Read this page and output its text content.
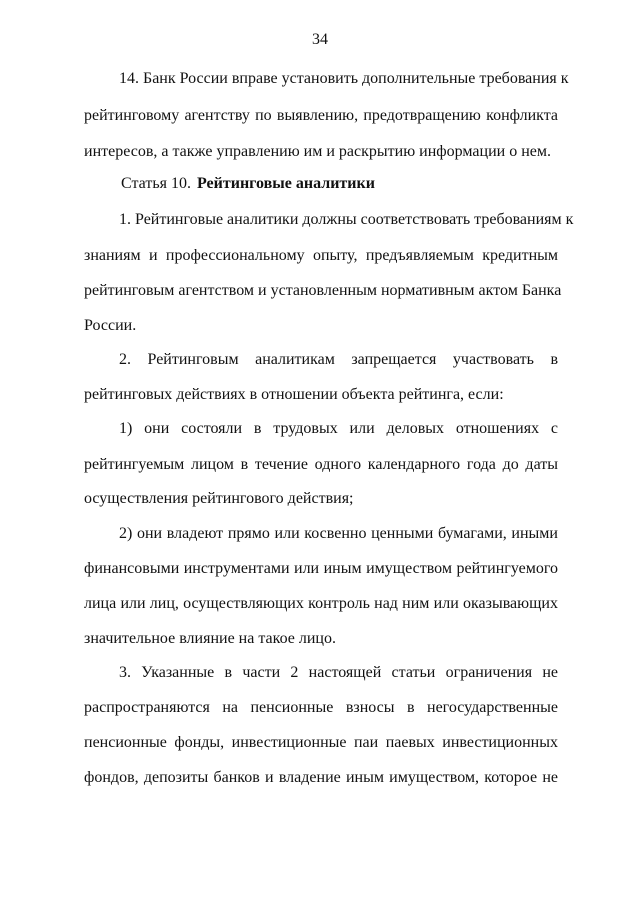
34
14. Банк России вправе установить дополнительные требования к
рейтинговому агентству по выявлению, предотвращению конфликта
интересов, а также управлению им и раскрытию информации о нем.
Статья 10. Рейтинговые аналитики
1. Рейтинговые аналитики должны соответствовать требованиям к
знаниям и профессиональному опыту, предъявляемым кредитным
рейтинговым агентством и установленным нормативным актом Банка
России.
2. Рейтинговым аналитикам запрещается участвовать в
рейтинговых действиях в отношении объекта рейтинга, если:
1) они состояли в трудовых или деловых отношениях с
рейтингуемым лицом в течение одного календарного года до даты
осуществления рейтингового действия;
2) они владеют прямо или косвенно ценными бумагами, иными
финансовыми инструментами или иным имуществом рейтингуемого
лица или лиц, осуществляющих контроль над ним или оказывающих
значительное влияние на такое лицо.
3. Указанные в части 2 настоящей статьи ограничения не
распространяются на пенсионные взносы в негосударственные
пенсионные фонды, инвестиционные паи паевых инвестиционных
фондов, депозиты банков и владение иным имуществом, которое не
